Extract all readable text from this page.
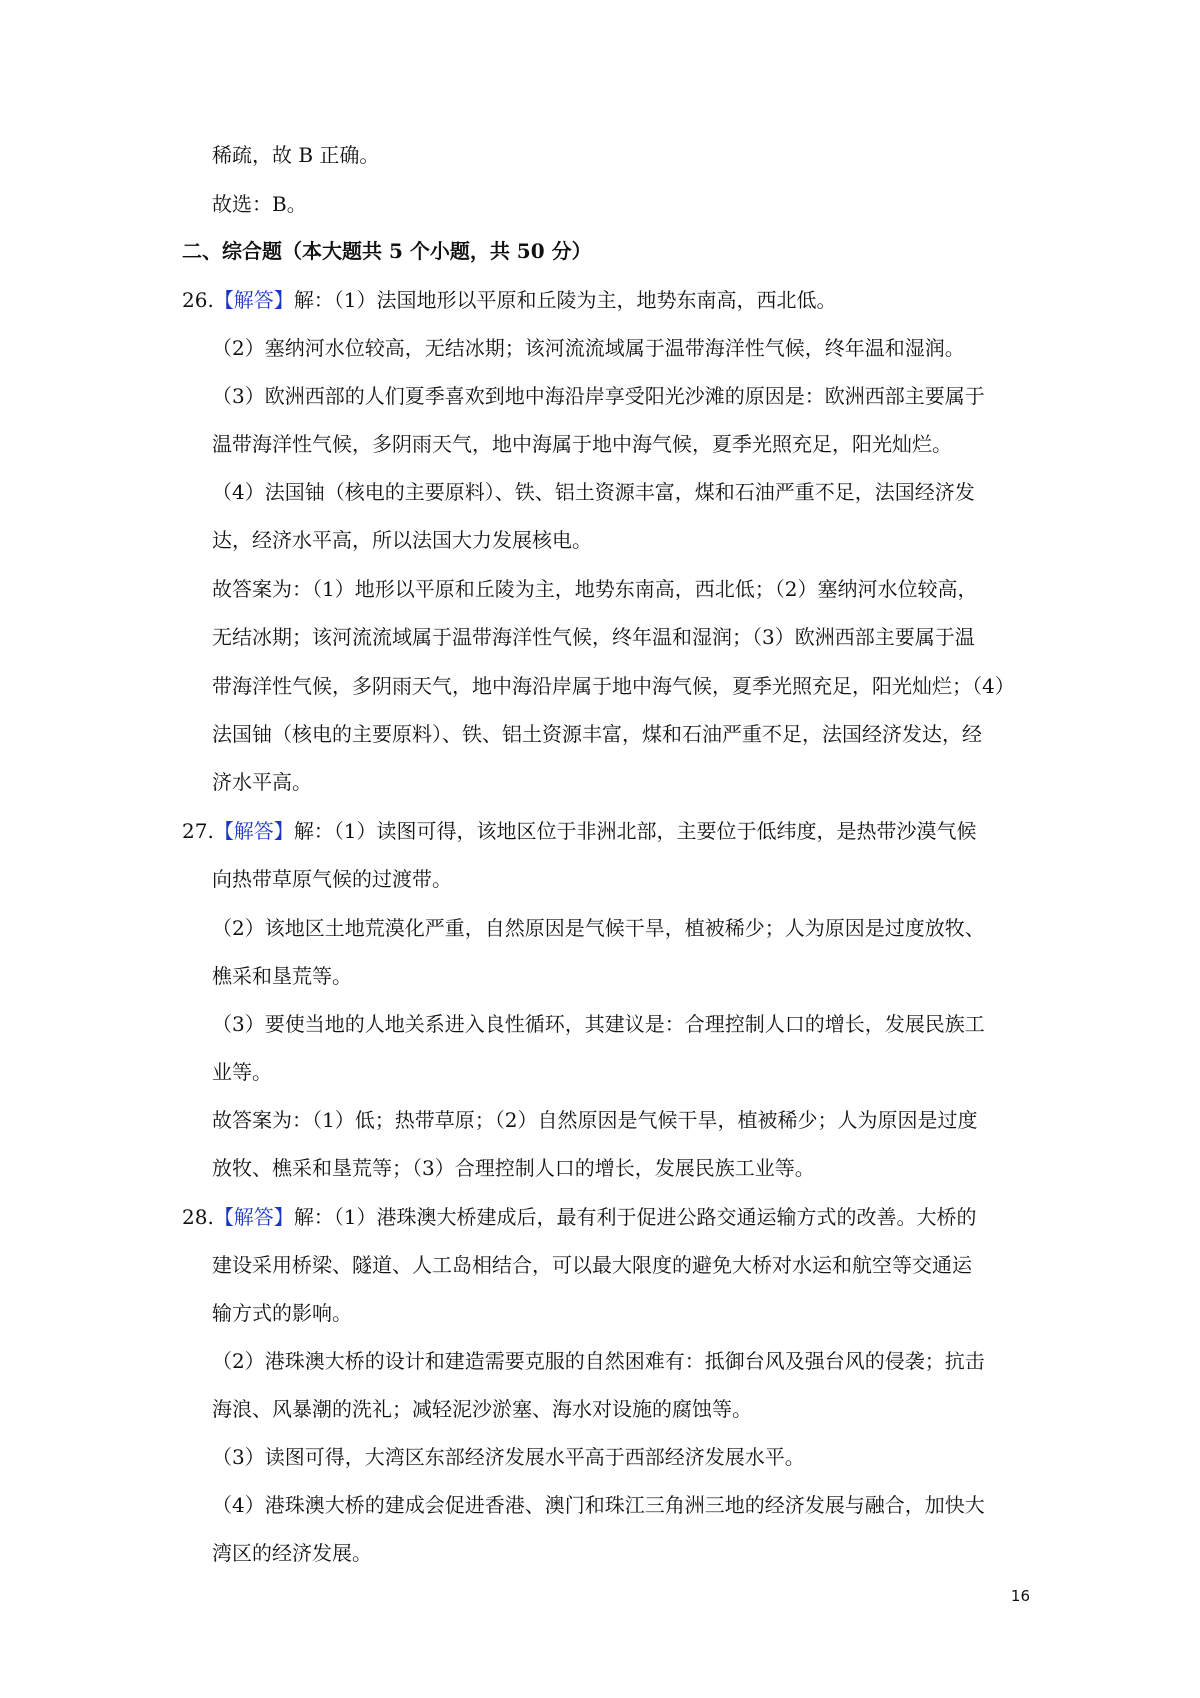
稀疏，故 B 正确。
故选：B。
二、综合题（本大题共 5 个小题，共 50 分）
26.【解答】解：（1）法国地形以平原和丘陵为主，地势东南高，西北低。
（2）塞纳河水位较高，无结冰期；该河流流域属于温带海洋性气候，终年温和湿润。
（3）欧洲西部的人们夏季喜欢到地中海沿岸享受阳光沙滩的原因是：欧洲西部主要属于
温带海洋性气候，多阴雨天气，地中海属于地中海气候，夏季光照充足，阳光灿烂。
（4）法国铀（核电的主要原料）、铁、铝土资源丰富，煤和石油严重不足，法国经济发
达，经济水平高，所以法国大力发展核电。
故答案为：（1）地形以平原和丘陵为主，地势东南高，西北低；（2）塞纳河水位较高，
无结冰期；该河流流域属于温带海洋性气候，终年温和湿润；（3）欧洲西部主要属于温
带海洋性气候，多阴雨天气，地中海沿岸属于地中海气候，夏季光照充足，阳光灿烂；（4）
法国铀（核电的主要原料）、铁、铝土资源丰富，煤和石油严重不足，法国经济发达，经
济水平高。
27.【解答】解：（1）读图可得，该地区位于非洲北部，主要位于低纬度，是热带沙漠气候
向热带草原气候的过渡带。
（2）该地区土地荒漠化严重，自然原因是气候干旱，植被稀少；人为原因是过度放牧、
樵采和垦荒等。
（3）要使当地的人地关系进入良性循环，其建议是：合理控制人口的增长，发展民族工
业等。
故答案为：（1）低；热带草原；（2）自然原因是气候干旱，植被稀少；人为原因是过度
放牧、樵采和垦荒等；（3）合理控制人口的增长，发展民族工业等。
28.【解答】解：（1）港珠澳大桥建成后，最有利于促进公路交通运输方式的改善。大桥的
建设采用桥梁、隧道、人工岛相结合，可以最大限度的避免大桥对水运和航空等交通运
输方式的影响。
（2）港珠澳大桥的设计和建造需要克服的自然困难有：抵御台风及强台风的侵袭；抗击
海浪、风暴潮的洗礼；减轻泥沙淤塞、海水对设施的腐蚀等。
（3）读图可得，大湾区东部经济发展水平高于西部经济发展水平。
（4）港珠澳大桥的建成会促进香港、澳门和珠江三角洲三地的经济发展与融合，加快大
湾区的经济发展。
16
